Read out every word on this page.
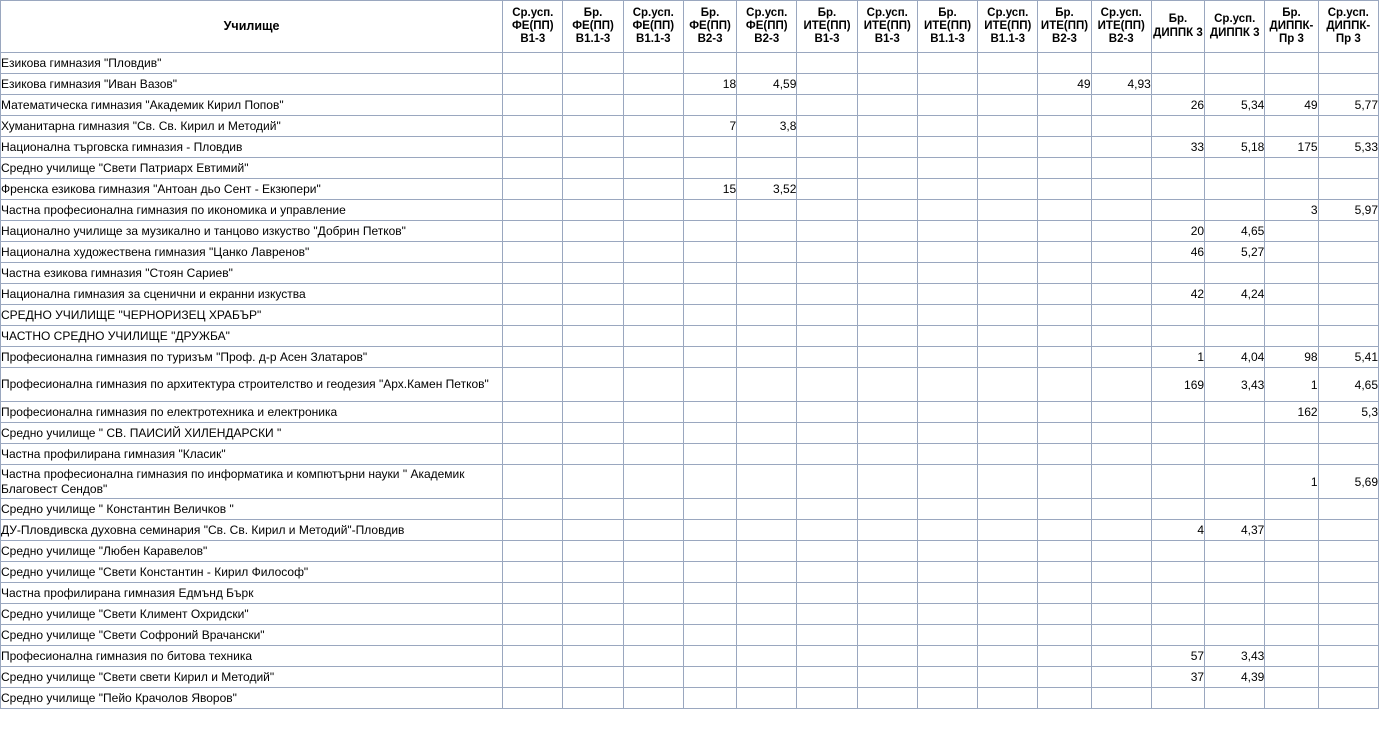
Училище	Ср.усп.
ФЕ(ПП)
В1-3	Бр.
ФЕ(ПП)
В1.1-3	Ср.усп.
ФЕ(ПП)
В1.1-3	Бр.
ФЕ(ПП)
В2-3	Ср.усп.
ФЕ(ПП)
В2-3	Бр.
ИТЕ(ПП)
В1-3	Ср.усп.
ИТЕ(ПП)
В1-3	Бр.
ИТЕ(ПП)
В1.1-3	Ср.усп.
ИТЕ(ПП)
В1.1-3	Бр.
ИТЕ(ПП)
В2-3	Ср.усп.
ИТЕ(ПП)
В2-3	Бр.
ДИППК 3	Ср.усп.
ДИППК 3	Бр.
ДИППК-
Пр 3	Ср.усп.
ДИППК-
Пр 3

Езикова гимназия "Пловдив"															
Езикова гимназия "Иван Вазов"				18	4,59					49	4,93				
Математическа гимназия "Академик Кирил Попов"												26	5,34	49	5,77
Хуманитарна гимназия "Св. Св. Кирил и Методий"				7	3,8										
Национална търговска гимназия - Пловдив												33	5,18	175	5,33
Средно училище "Свети Патриарх Евтимий"															
Френска езикова гимназия "Антоан дьо Сент - Екзюпери"				15	3,52										
Частна професионална гимназия по икономика и управление														3	5,97
Национално училище за музикално и танцово изкуство "Добрин Петков"												20	4,65		
Национална художествена гимназия "Цанко Лавренов"												46	5,27		
Частна езикова гимназия "Стоян Сариев"															
Национална гимназия за сценични и екранни изкуства												42	4,24		
СРЕДНО УЧИЛИЩЕ "ЧЕРНОРИЗЕЦ ХРАБЪР"															
ЧАСТНО СРЕДНО УЧИЛИЩЕ "ДРУЖБА"															
Професионална гимназия по туризъм "Проф. д-р Асен Златаров"												1	4,04	98	5,41
Професионална гимназия по архитектура строителство и геодезия "Арх.Камен Петков"												169	3,43	1	4,65
Професионална гимназия по електротехника и електроника														162	5,3
Средно училище " СВ. ПАИСИЙ ХИЛЕНДАРСКИ "															
Частна профилирана гимназия "Класик"															
Частна професионална гимназия по информатика и компютърни науки " Академик Благовест Сендов"														1	5,69
Средно училище " Константин Величков "															
ДУ-Пловдивска духовна семинария "Св. Св. Кирил и Методий"-Пловдив												4	4,37		
Средно училище "Любен Каравелов"															
Средно училище "Свети Константин - Кирил Философ"															
Частна профилирана гимназия Едмънд Бърк															
Средно училище "Свети Климент Охридски"															
Средно училище "Свети Софроний Врачански"															
Професионална гимназия по битова техника												57	3,43		
Средно училище "Свети свети Кирил и Методий"												37	4,39		
Средно училище "Пейо Крачолов Яворов"															
